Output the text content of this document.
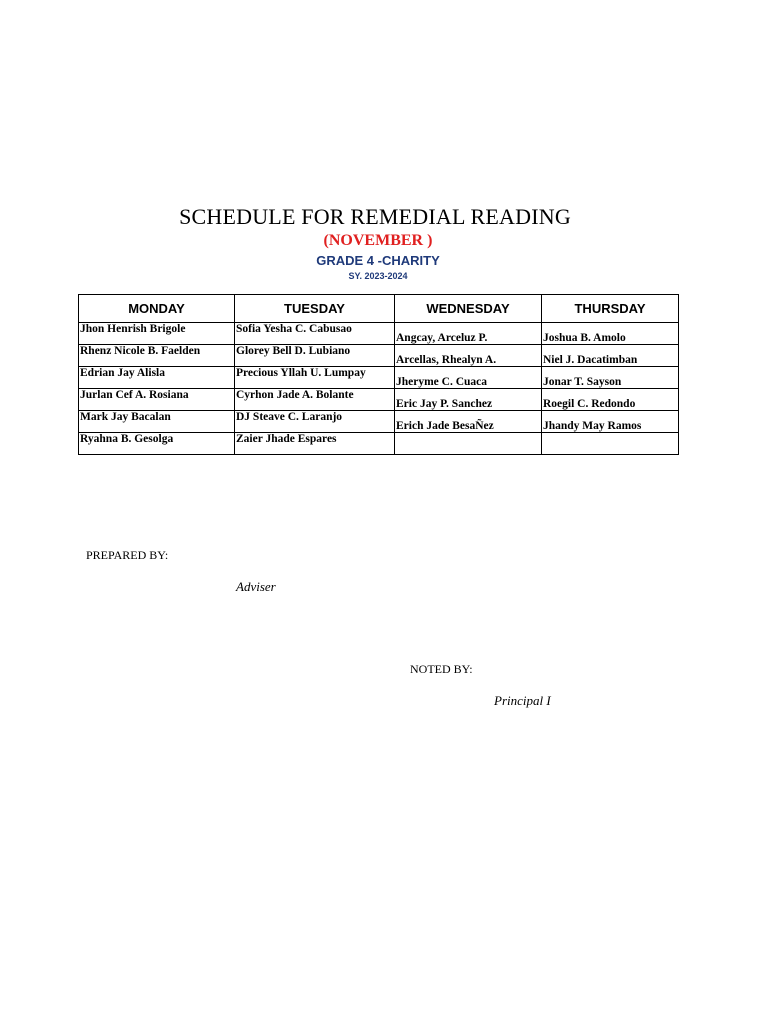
SCHEDULE FOR REMEDIAL READING
(NOVEMBER )
GRADE 4 -CHARITY
SY. 2023-2024
MONDAY	TUESDAY	WEDNESDAY	THURSDAY
Jhon Henrish Brigole	Sofia Yesha C. Cabusao	Angcay, Arceluz P.	Joshua B. Amolo
Rhenz Nicole B. Faelden	Glorey Bell D. Lubiano	Arcellas, Rhealyn A.	Niel J. Dacatimban
Edrian Jay Alisla	Precious Yllah U. Lumpay	Jheryme C. Cuaca	Jonar T. Sayson
Jurlan Cef A. Rosiana	Cyrhon Jade A. Bolante	Eric Jay P. Sanchez	Roegil C. Redondo
Mark Jay Bacalan	DJ Steave C. Laranjo	Erich Jade BesaÑez	Jhandy May Ramos
Ryahna B. Gesolga	Zaier Jhade Espares		
PREPARED BY:
Adviser
NOTED BY:
Principal I
